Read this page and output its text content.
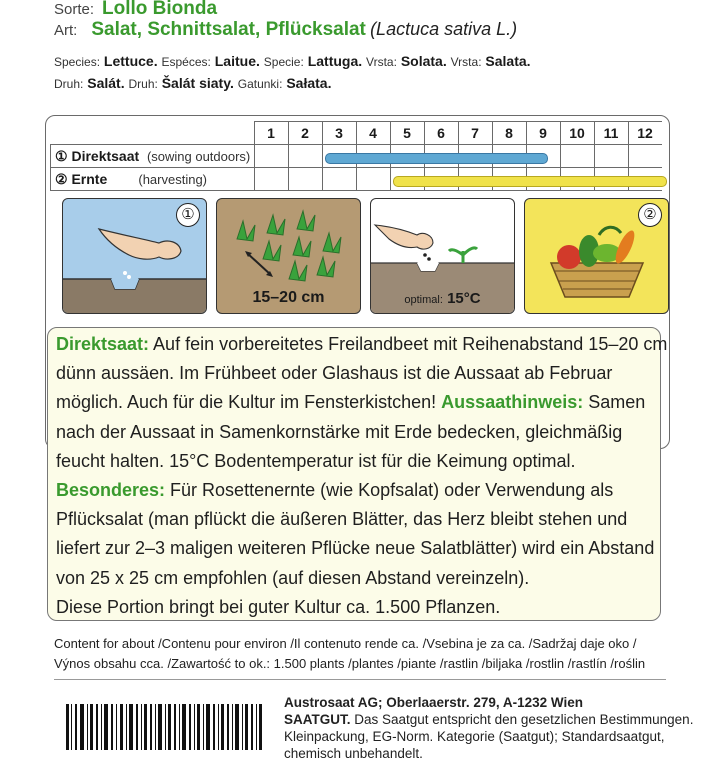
Sorte: Lollo Bionda
Art: Salat, Schnittsalat, Pflücksalat (Lactuca sativa L.)
Species: Lettuce. Espéces: Laitue. Specie: Lattuga. Vrsta: Solata. Vrsta: Salata.
Druh: Salát. Druh: Šalát siaty. Gatunki: Sałata.
	1	2	3	4	5	6	7	8	9	10	11	12
① Direktsaat (sowing outdoors)												
② Ernte (harvesting)												
①
15–20 cm	optimal: 15°C
②
Direktsaat: Auf fein vorbereitetes Freilandbeet mit Reihenabstand 15–20 cm dünn aussäen. Im Frühbeet oder Glashaus ist die Aussaat ab Februar möglich. Auch für die Kultur im Fensterkistchen! Aussaathinweis: Samen nach der Aussaat in Samenkornstärke mit Erde bedecken, gleichmäßig feucht halten. 15°C Bodentemperatur ist für die Keimung optimal.
Besonderes: Für Rosettenernte (wie Kopfsalat) oder Verwendung als Pflücksalat (man pflückt die äußeren Blätter, das Herz bleibt stehen und liefert zur 2–3 maligen weiteren Pflücke neue Salatblätter) wird ein Abstand von 25 x 25 cm empfohlen (auf diesen Abstand vereinzeln).
Diese Portion bringt bei guter Kultur ca. 1.500 Pflanzen.
Content for about /Contenu pour environ /Il contenuto rende ca. /Vsebina je za ca. /Sadržaj daje oko /
Výnos obsahu cca. /Zawartość to ok.: 1.500 plants /plantes /piante /rastlin /biljaka /rostlin /rastlín /roślin
Austrosaat AG; Oberlaaerstr. 279, A-1232 Wien
SAATGUT. Das Saatgut entspricht den gesetzlichen Bestimmungen. Kleinpackung, EG-Norm. Kategorie (Saatgut); Standardsaatgut, chemisch unbehandelt.
